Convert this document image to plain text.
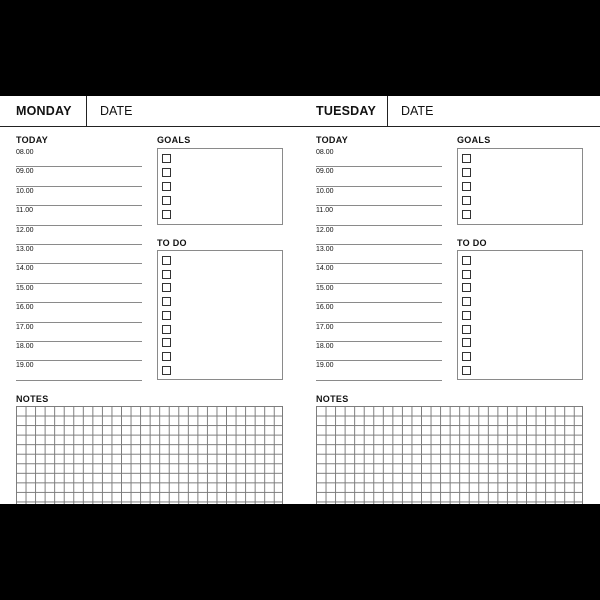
MONDAY DATE	TUESDAY DATE
TODAY	GOALS
TO DO
NOTES
08.00
09.00
10.00
11.00
12.00
13.00
14.00
15.00
16.00
17.00
18.00
19.00
TODAY	GOALS
TO DO
NOTES
08.00
09.00
10.00
11.00
12.00
13.00
14.00
15.00
16.00
17.00
18.00
19.00
